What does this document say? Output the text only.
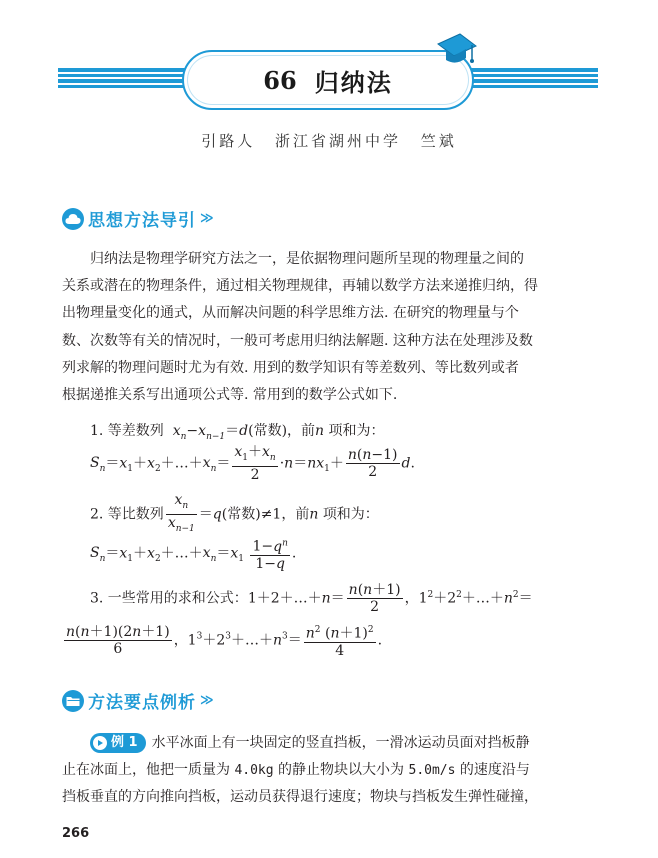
66 归纳法
引路人 浙江省湖州中学 竺斌
思想方法导引 ≫
归纳法是物理学研究方法之一，是依据物理问题所呈现的物理量之间的
关系或潜在的物理条件，通过相关物理规律，再辅以数学方法来递推归纳，得
出物理量变化的通式，从而解决问题的科学思维方法. 在研究的物理量与个
数、次数等有关的情况时，一般可考虑用归纳法解题. 这种方法在处理涉及数
列求解的物理问题时尤为有效. 用到的数学知识有等差数列、等比数列或者
根据递推关系写出通项公式等. 常用到的数学公式如下.
1. 等差数列  $x_n-x_{n-1}=d$(常数)，前n 项和为：
$S_n=x_1+x_2+\dots+x_n= \frac{x_1+x_n}{2} \cdot n=nx_1+ \frac{n(n-1)}{2} d$.
2. 等比数列 $\frac{x_n}{x_{n-1}} =q$(常数)≠1，前n 项和为：
$S_n=x_1+x_2+\dots+x_n=x_1 \frac{1-q^n}{1-q}$ .
3. 一些常用的求和公式：1＋2＋…＋n＝ $\frac{n(n+1)}{2}$ ，$1^2+2^2+\dots+n^2=$
$\frac{n(n+1)(2n+1)}{6}$ ，$1^3+2^3+\dots+n^3= \frac{n^2 (n+1)^2}{4}$ .
方法要点例析 ≫
例 1 水平冰面上有一块固定的竖直挡板，一滑冰运动员面对挡板静
止在冰面上，他把一质量为 4.0kg 的静止物块以大小为 5.0m/s 的速度沿与
挡板垂直的方向推向挡板，运动员获得退行速度；物块与挡板发生弹性碰撞，
266
